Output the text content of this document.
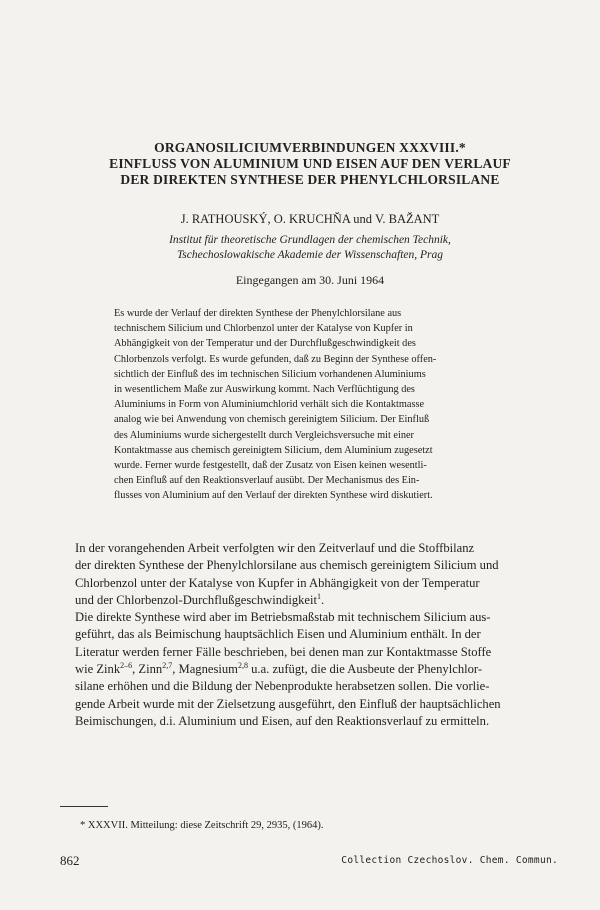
ORGANOSILICIUMVERBINDUNGEN XXXVIII.*
EINFLUSS VON ALUMINIUM UND EISEN AUF DEN VERLAUF
DER DIREKTEN SYNTHESE DER PHENYLCHLORSILANE
J. RATHOUSKÝ, O. KRUCHŇA und V. BAŽANT
Institut für theoretische Grundlagen der chemischen Technik,
Tschechoslowakische Akademie der Wissenschaften, Prag
Eingegangen am 30. Juni 1964
Es wurde der Verlauf der direkten Synthese der Phenylchlorsilane aus
technischem Silicium und Chlorbenzol unter der Katalyse von Kupfer in
Abhängigkeit von der Temperatur und der Durchflußgeschwindigkeit des
Chlorbenzols verfolgt. Es wurde gefunden, daß zu Beginn der Synthese offen-
sichtlich der Einfluß des im technischen Silicium vorhandenen Aluminiums
in wesentlichem Maße zur Auswirkung kommt. Nach Verflüchtigung des
Aluminiums in Form von Aluminiumchlorid verhält sich die Kontaktmasse
analog wie bei Anwendung von chemisch gereinigtem Silicium. Der Einfluß
des Aluminiums wurde sichergestellt durch Vergleichsversuche mit einer
Kontaktmasse aus chemisch gereinigtem Silicium, dem Aluminium zugesetzt
wurde. Ferner wurde festgestellt, daß der Zusatz von Eisen keinen wesentli-
chen Einfluß auf den Reaktionsverlauf ausübt. Der Mechanismus des Ein-
flusses von Aluminium auf den Verlauf der direkten Synthese wird diskutiert.
In der vorangehenden Arbeit verfolgten wir den Zeitverlauf und die Stoffbilanz
der direkten Synthese der Phenylchlorsilane aus chemisch gereinigtem Silicium und
Chlorbenzol unter der Katalyse von Kupfer in Abhängigkeit von der Temperatur
und der Chlorbenzol-Durchflußgeschwindigkeit$^1$.
Die direkte Synthese wird aber im Betriebsmaßstab mit technischem Silicium aus-
geführt, das als Beimischung hauptsächlich Eisen und Aluminium enthält. In der
Literatur werden ferner Fälle beschrieben, bei denen man zur Kontaktmasse Stoffe
wie Zink$^{2-6}$, Zinn$^{2,7}$, Magnesium$^{2,8}$ u.a. zufügt, die die Ausbeute der Phenylchlor-
silane erhöhen und die Bildung der Nebenprodukte herabsetzen sollen. Die vorlie-
gende Arbeit wurde mit der Zielsetzung ausgeführt, den Einfluß der hauptsächlichen
Beimischungen, d.i. Aluminium und Eisen, auf den Reaktionsverlauf zu ermitteln.
* XXXVII. Mitteilung: diese Zeitschrift 29, 2935, (1964).
862	Collection Czechoslov. Chem. Commun.
